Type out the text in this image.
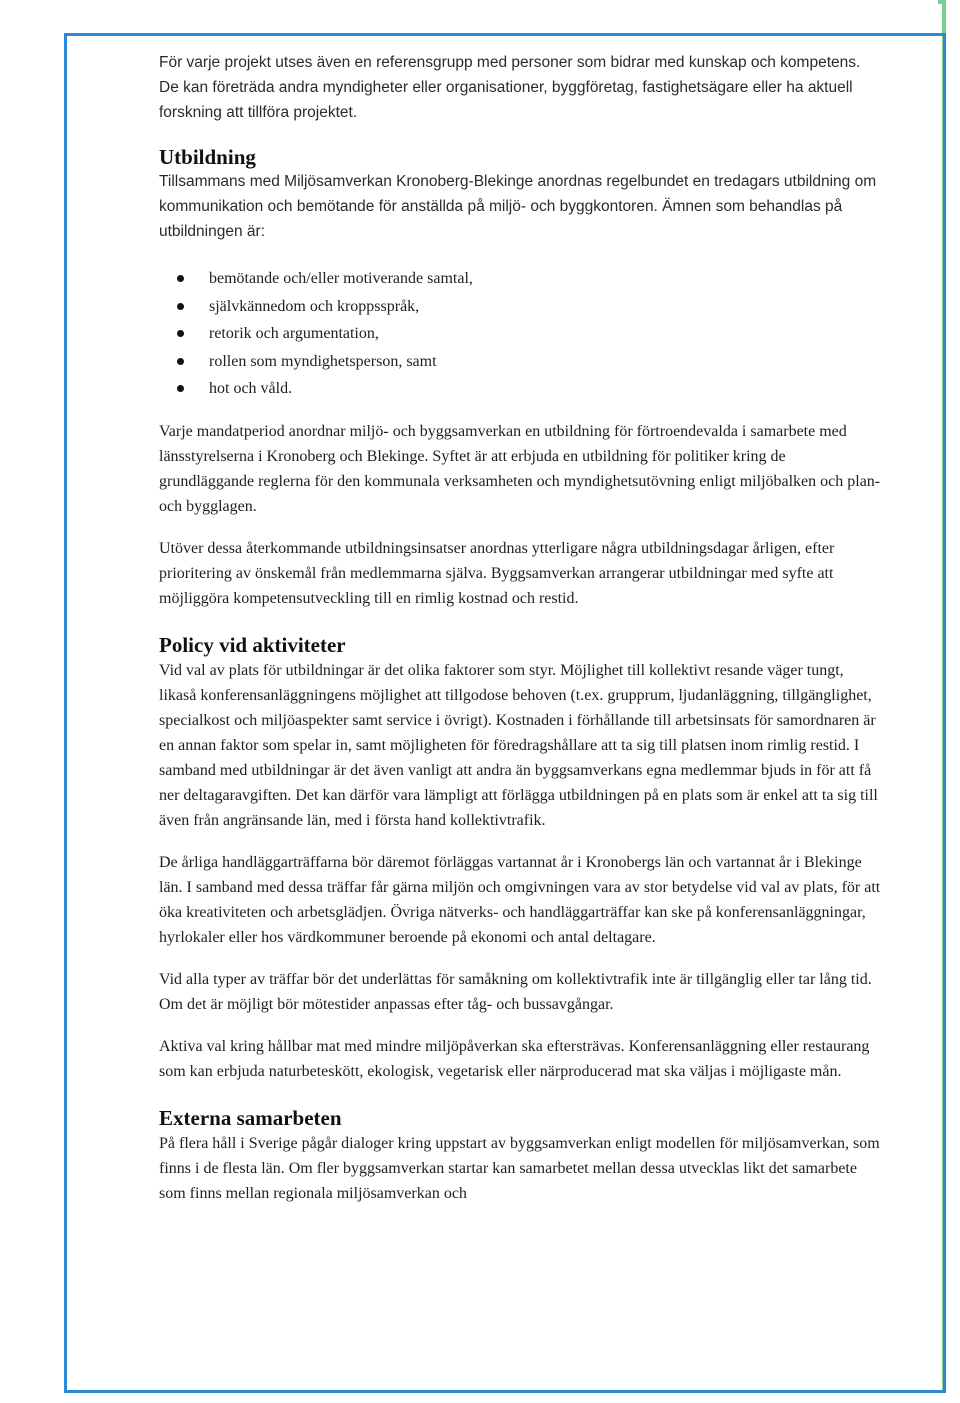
För varje projekt utses även en referensgrupp med personer som bidrar med kunskap och kompetens. De kan företräda andra myndigheter eller organisationer, byggföretag, fastighetsägare eller ha aktuell forskning att tillföra projektet.

Utbildning

Tillsammans med Miljösamverkan Kronoberg-Blekinge anordnas regelbundet en tredagars utbildning om kommunikation och bemötande för anställda på miljö- och byggkontoren. Ämnen som behandlas på utbildningen är:

bemötande och/eller motiverande samtal,
självkännedom och kroppsspråk,
retorik och argumentation,
rollen som myndighetsperson, samt
hot och våld.

Varje mandatperiod anordnar miljö- och byggsamverkan en utbildning för förtroendevalda i samarbete med länsstyrelserna i Kronoberg och Blekinge. Syftet är att erbjuda en utbildning för politiker kring de grundläggande reglerna för den kommunala verksamheten och myndighetsutövning enligt miljöbalken och plan- och bygglagen.

Utöver dessa återkommande utbildningsinsatser anordnas ytterligare några utbildningsdagar årligen, efter prioritering av önskemål från medlemmarna själva. Byggsamverkan arrangerar utbildningar med syfte att möjliggöra kompetensutveckling till en rimlig kostnad och restid.

Policy vid aktiviteter

Vid val av plats för utbildningar är det olika faktorer som styr. Möjlighet till kollektivt resande väger tungt, likaså konferensanläggningens möjlighet att tillgodose behoven (t.ex. grupprum, ljudanläggning, tillgänglighet, specialkost och miljöaspekter samt service i övrigt). Kostnaden i förhållande till arbetsinsats för samordnaren är en annan faktor som spelar in, samt möjligheten för föredragshållare att ta sig till platsen inom rimlig restid. I samband med utbildningar är det även vanligt att andra än byggsamverkans egna medlemmar bjuds in för att få ner deltagaravgiften. Det kan därför vara lämpligt att förlägga utbildningen på en plats som är enkel att ta sig till även från angränsande län, med i första hand kollektivtrafik.

De årliga handläggarträffarna bör däremot förläggas vartannat år i Kronobergs län och vartannat år i Blekinge län. I samband med dessa träffar får gärna miljön och omgivningen vara av stor betydelse vid val av plats, för att öka kreativiteten och arbetsglädjen. Övriga nätverks- och handläggarträffar kan ske på konferensanläggningar, hyrlokaler eller hos värdkommuner beroende på ekonomi och antal deltagare.

Vid alla typer av träffar bör det underlättas för samåkning om kollektivtrafik inte är tillgänglig eller tar lång tid. Om det är möjligt bör mötestider anpassas efter tåg- och bussavgångar.

Aktiva val kring hållbar mat med mindre miljöpåverkan ska eftersträvas. Konferensanläggning eller restaurang som kan erbjuda naturbeteskött, ekologisk, vegetarisk eller närproducerad mat ska väljas i möjligaste mån.

Externa samarbeten

På flera håll i Sverige pågår dialoger kring uppstart av byggsamverkan enligt modellen för miljösamverkan, som finns i de flesta län. Om fler byggsamverkan startar kan samarbetet mellan dessa utvecklas likt det samarbete som finns mellan regionala miljösamverkan och
